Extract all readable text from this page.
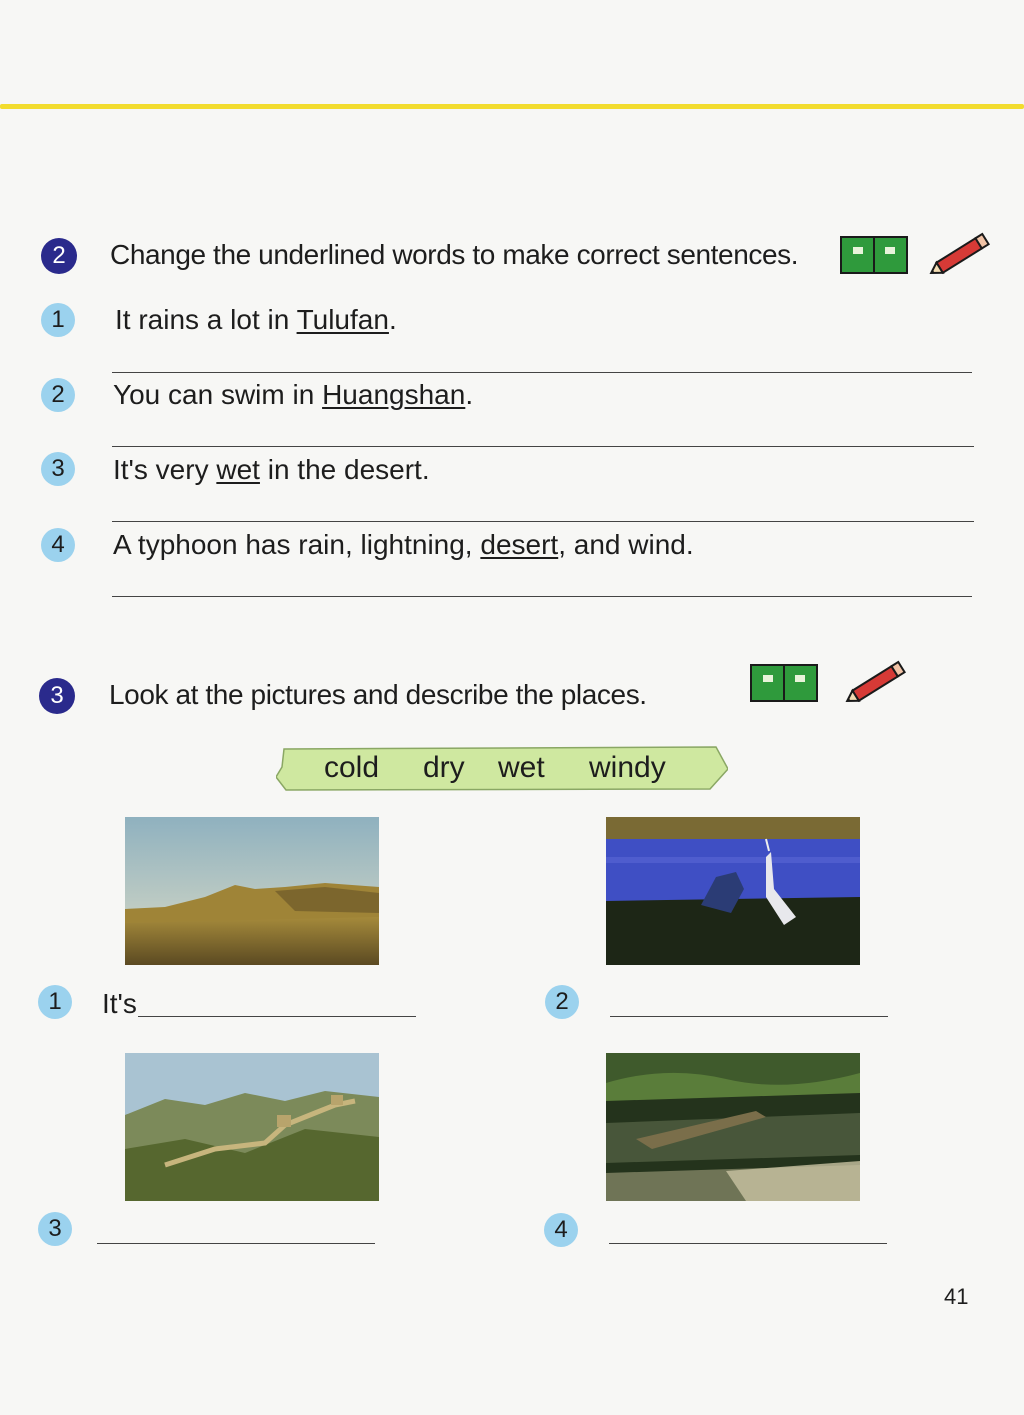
2	Change the underlined words to make correct sentences.
1	It rains a lot in Tulufan.
2	You can swim in Huangshan.
3	It's very wet in the desert.
4	A typhoon has rain, lightning, desert, and wind.
3	Look at the pictures and describe the places.
cold dry wet windy
1	It's	2
3	4
41
